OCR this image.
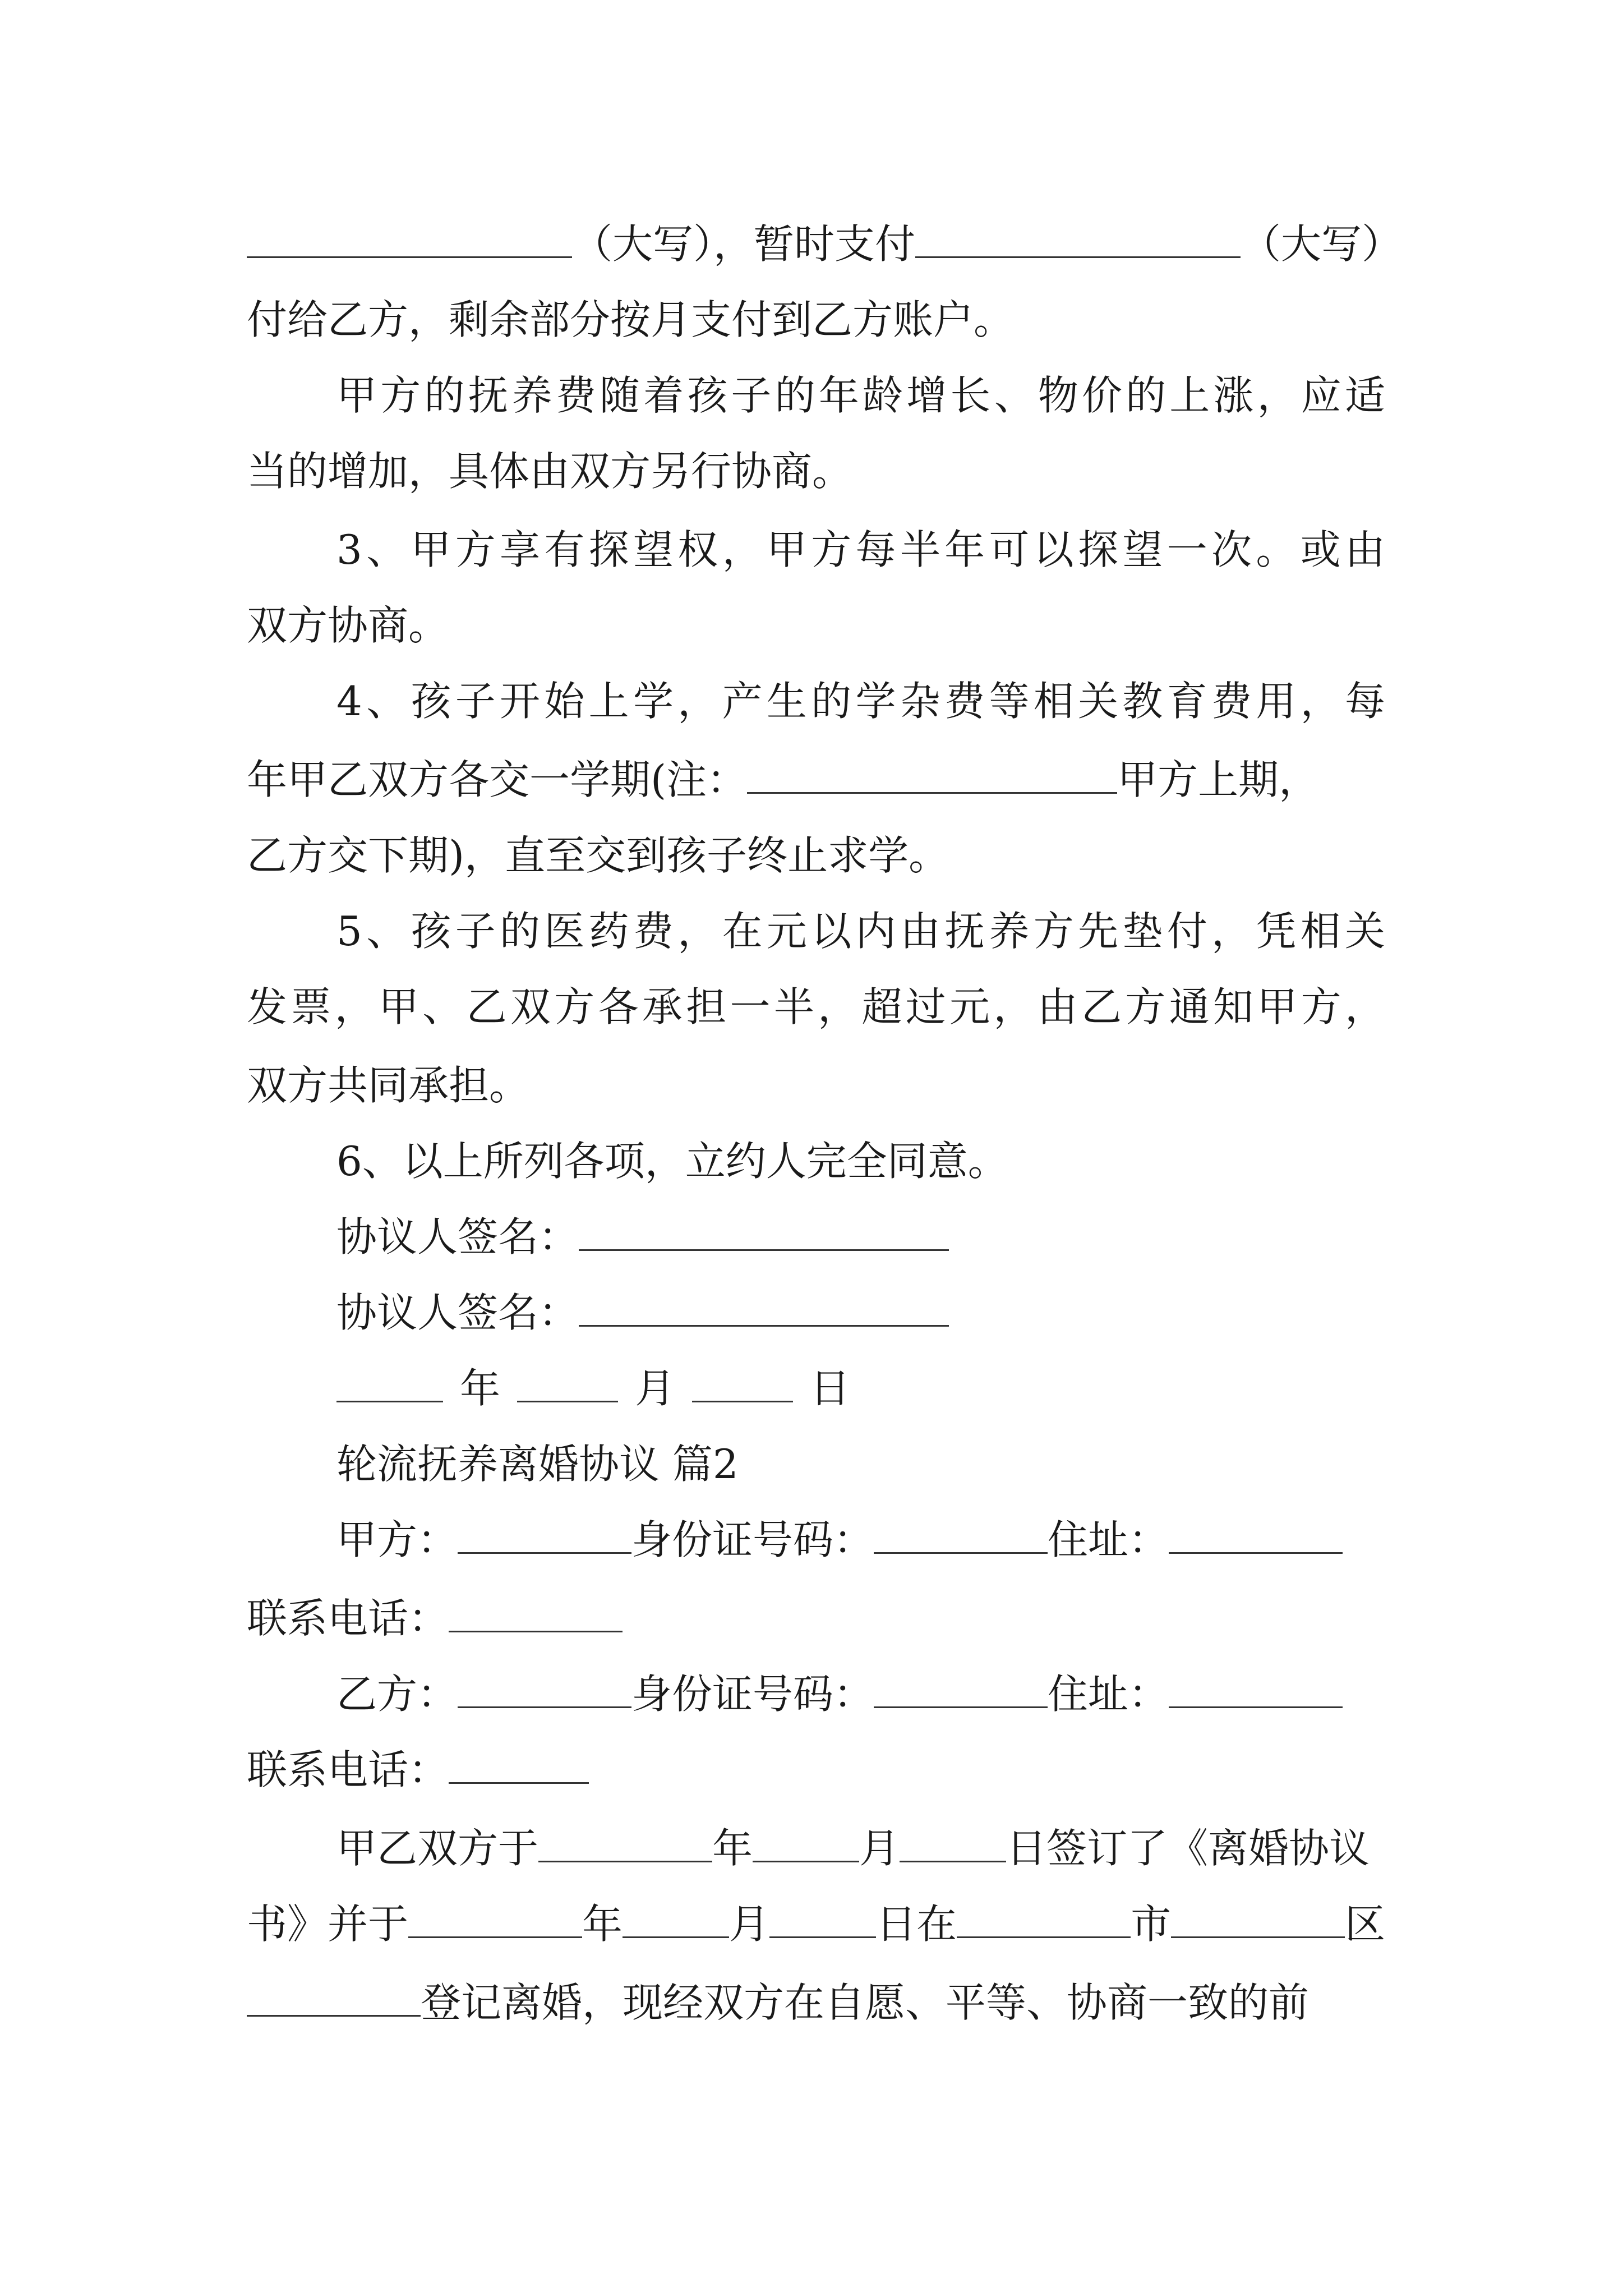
（大写），暂时支付	（大写）
付给乙方，剩余部分按月支付到乙方账户。
甲方的抚养费随着孩子的年龄增长、物价的上涨，应适
当的增加，具体由双方另行协商。
3、甲方享有探望权，甲方每半年可以探望一次。或由
双方协商。
4、孩子开始上学，产生的学杂费等相关教育费用，每
年甲乙双方各交一学期(注：	甲方上期，
乙方交下期)，直至交到孩子终止求学。
5、孩子的医药费，在元以内由抚养方先垫付，凭相关
发票，甲、乙双方各承担一半，超过元，由乙方通知甲方，
双方共同承担。
6、以上所列各项，立约人完全同意。
协议人签名：
协议人签名：
年	月	日
轮流抚养离婚协议 篇2
甲方：	身份证号码：	住址：
联系电话：
乙方：	身份证号码：	住址：
联系电话：
甲乙双方于	年	月	日签订了《离婚协议
书》并于	年	月	日在	市	区
登记离婚，现经双方在自愿、平等、协商一致的前
